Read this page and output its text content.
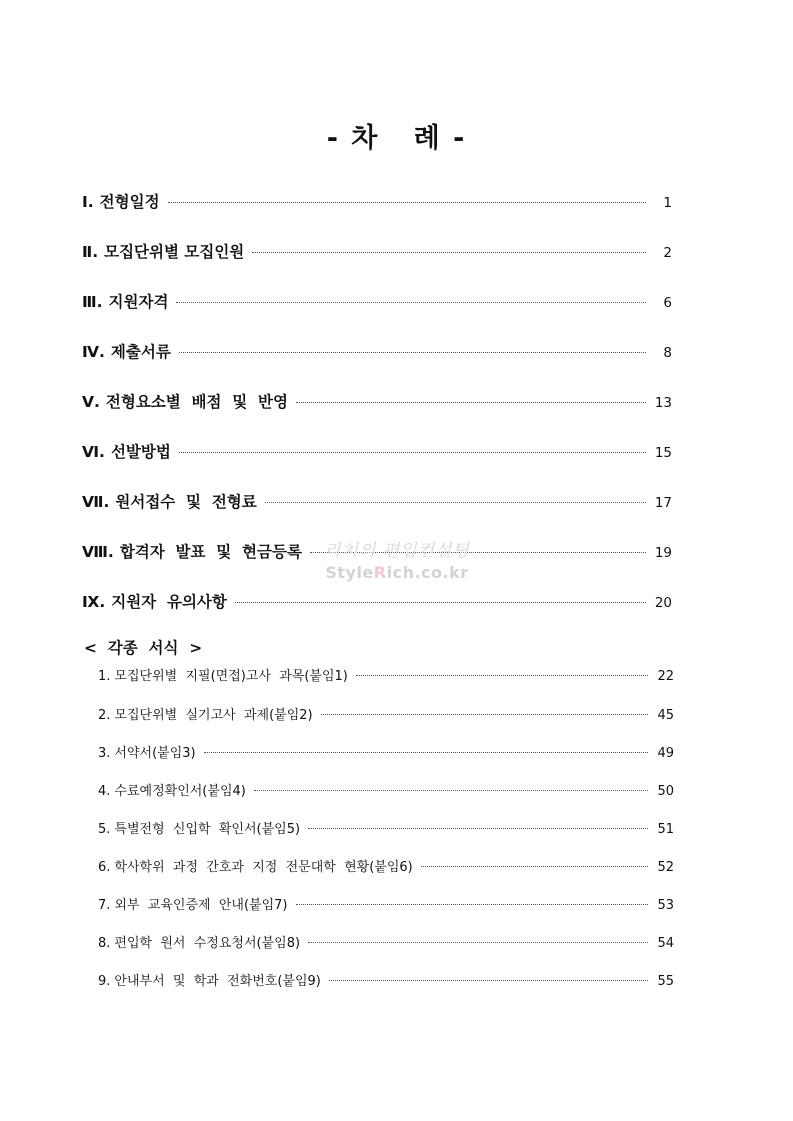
- 차   례 -
Ⅰ. 전형일정	1
Ⅱ. 모집단위별 모집인원	2
Ⅲ. 지원자격	6
Ⅳ. 제출서류	8
Ⅴ. 전형요소별  배점  및  반영	13
Ⅵ. 선발방법	15
Ⅶ. 원서접수  및  전형료	17
Ⅷ. 합격자  발표  및  현금등록	19
Ⅸ. 지원자  유의사항	20
<  각종  서식  >
1. 모집단위별  지필(면접)고사  과목(붙임1)	22
2. 모집단위별  실기고사  과제(붙임2)	45
3. 서약서(붙임3)	49
4. 수료예정확인서(붙임4)	50
5. 특별전형  신입학  확인서(붙임5)	51
6. 학사학위  과정  간호과  지정  전문대학  현황(붙임6)	52
7. 외부  교육인증제  안내(붙임7)	53
8. 편입학  원서  수정요청서(붙임8)	54
9. 안내부서  및  학과  전화번호(붙임9)	55
리치의 편입컨설팅
StyleRich.co.kr
